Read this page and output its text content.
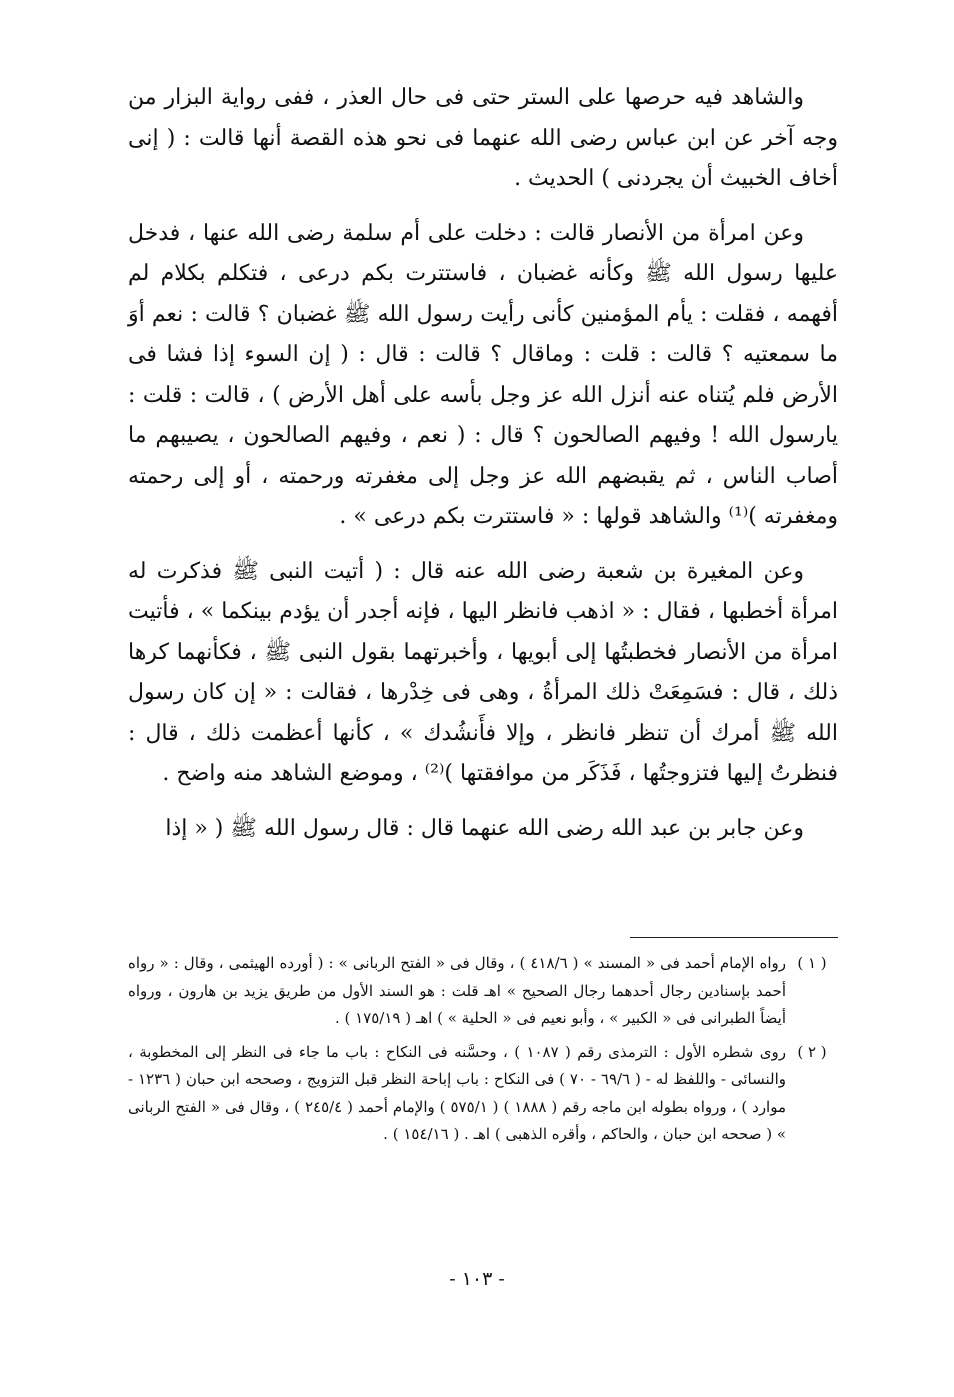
والشاهد فيه حرصها على الستر حتى فى حال العذر ، ففى رواية البزار من وجه آخر عن ابن عباس رضى الله عنهما فى نحو هذه القصة أنها قالت : ( إنى أخاف الخبيث أن يجردنى ) الحديث .

وعن امرأة من الأنصار قالت : دخلت على أم سلمة رضى الله عنها ، فدخل عليها رسول الله ﷺ وكأنه غضبان ، فاستترت بكم درعى ، فتكلم بكلام لم أفهمه ، فقلت : يأم المؤمنين كأنى رأيت رسول الله ﷺ غضبان ؟ قالت : نعم أوَ ما سمعتيه ؟ قالت : قلت : وماقال ؟ قالت : قال : ( إن السوء إذا فشا فى الأرض فلم يُتناه عنه أنزل الله عز وجل بأسه على أهل الأرض ) ، قالت : قلت : يارسول الله ! وفيهم الصالحون ؟ قال : ( نعم ، وفيهم الصالحون ، يصيبهم ما أصاب الناس ، ثم يقبضهم الله عز وجل إلى مغفرته ورحمته ، أو إلى رحمته ومغفرته )⁽¹⁾ والشاهد قولها : « فاستترت بكم درعى » .

وعن المغيرة بن شعبة رضى الله عنه قال : ( أتيت النبى ﷺ فذكرت له امرأة أخطبها ، فقال : « اذهب فانظر اليها ، فإنه أجدر أن يؤدم بينكما » ، فأتيت امرأة من الأنصار فخطبتُها إلى أبويها ، وأخبرتهما بقول النبى ﷺ ، فكأنهما كرها ذلك ، قال : فسَمِعَتْ ذلك المرأةُ ، وهى فى خِدْرها ، فقالت : « إن كان رسول الله ﷺ أمرك أن تنظر فانظر ، وإلا فأَنشُدك » ، كأنها أعظمت ذلك ، قال : فنظرتُ إليها فتزوجتُها ، فَذَكَر من موافقتها )⁽²⁾ ، وموضع الشاهد منه واضح .

وعن جابر بن عبد الله رضى الله عنهما قال : قال رسول الله ﷺ ( « إذا

( ١ )

رواه الإمام أحمد فى « المسند » ( ٤١٨/٦ ) ، وقال فى « الفتح الربانى » : ( أورده الهيثمى ، وقال : « رواه أحمد بإسنادين رجال أحدهما رجال الصحيح » اهـ قلت : هو السند الأول من طريق يزيد بن هارون ، ورواه أيضاً الطبرانى فى « الكبير » ، وأبو نعيم فى « الحلية » ) اهـ ( ١٧٥/١٩ ) .

( ٢ )

روى شطره الأول : الترمذى رقم ( ١٠٨٧ ) ، وحسَّنه فى النكاح : باب ما جاء فى النظر إلى المخطوبة ، والنسائى - واللفظ له - ( ٦٩/٦ - ٧٠ ) فى النكاح : باب إباحة النظر قبل التزويج ، وصححه ابن حبان ( ١٢٣٦ - موارد ) ، ورواه بطوله ابن ماجه رقم ( ١٨٨٨ ) ( ٥٧٥/١ ) والإمام أحمد ( ٢٤٥/٤ ) ، وقال فى « الفتح الربانى » ( صححه ابن حبان ، والحاكم ، وأقره الذهبى ) اهـ . ( ١٥٤/١٦ ) .

- ١٠٣ -
